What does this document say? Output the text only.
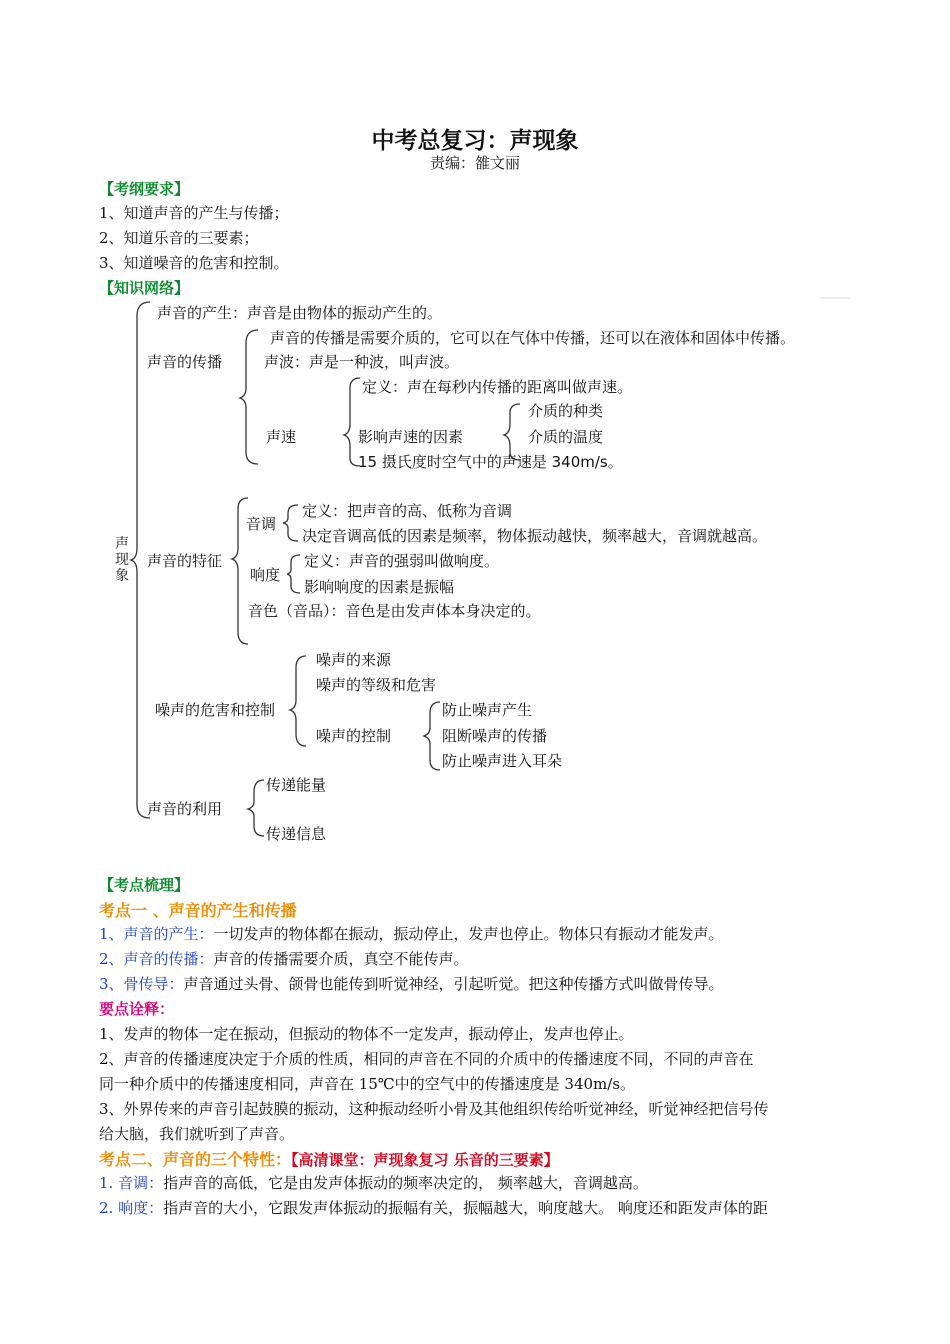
中考总复习：声现象
责编：雒文丽
【考纲要求】
1、知道声音的产生与传播；
2、知道乐音的三要素；
3、知道噪音的危害和控制。
【知识网络】
声现象
声音的产生：声音是由物体的振动产生的。
声音的传播
声音的传播是需要介质的，它可以在气体中传播，还可以在液体和固体中传播。
声波：声是一种波，叫声波。
声速
定义：声在每秒内传播的距离叫做声速。
影响声速的因素
介质的种类
介质的温度
15 摄氏度时空气中的声速是 340m/s。
声音的特征
音调
定义：把声音的高、低称为音调
决定音调高低的因素是频率，物体振动越快，频率越大，音调就越高。
响度
定义：声音的强弱叫做响度。
影响响度的因素是振幅
音色（音品）：音色是由发声体本身决定的。
噪声的危害和控制
噪声的来源
噪声的等级和危害
噪声的控制
防止噪声产生
阻断噪声的传播
防止噪声进入耳朵
声音的利用
传递能量
传递信息
【考点梳理】
考点一 、声音的产生和传播
1、声音的产生：一切发声的物体都在振动，振动停止，发声也停止。物体只有振动才能发声。
2、声音的传播：声音的传播需要介质，真空不能传声。
3、骨传导：声音通过头骨、颌骨也能传到听觉神经，引起听觉。把这种传播方式叫做骨传导。
要点诠释：
1、发声的物体一定在振动，但振动的物体不一定发声，振动停止，发声也停止。
2、声音的传播速度决定于介质的性质，相同的声音在不同的介质中的传播速度不同，不同的声音在
同一种介质中的传播速度相同，声音在 15℃中的空气中的传播速度是 340m/s。
3、外界传来的声音引起鼓膜的振动，这种振动经听小骨及其他组织传给听觉神经，听觉神经把信号传
给大脑，我们就听到了声音。
考点二、声音的三个特性：【高清课堂：声现象复习 乐音的三要素】
1. 音调：指声音的高低，它是由发声体振动的频率决定的， 频率越大，音调越高。
2. 响度：指声音的大小，它跟发声体振动的振幅有关，振幅越大，响度越大。 响度还和距发声体的距
